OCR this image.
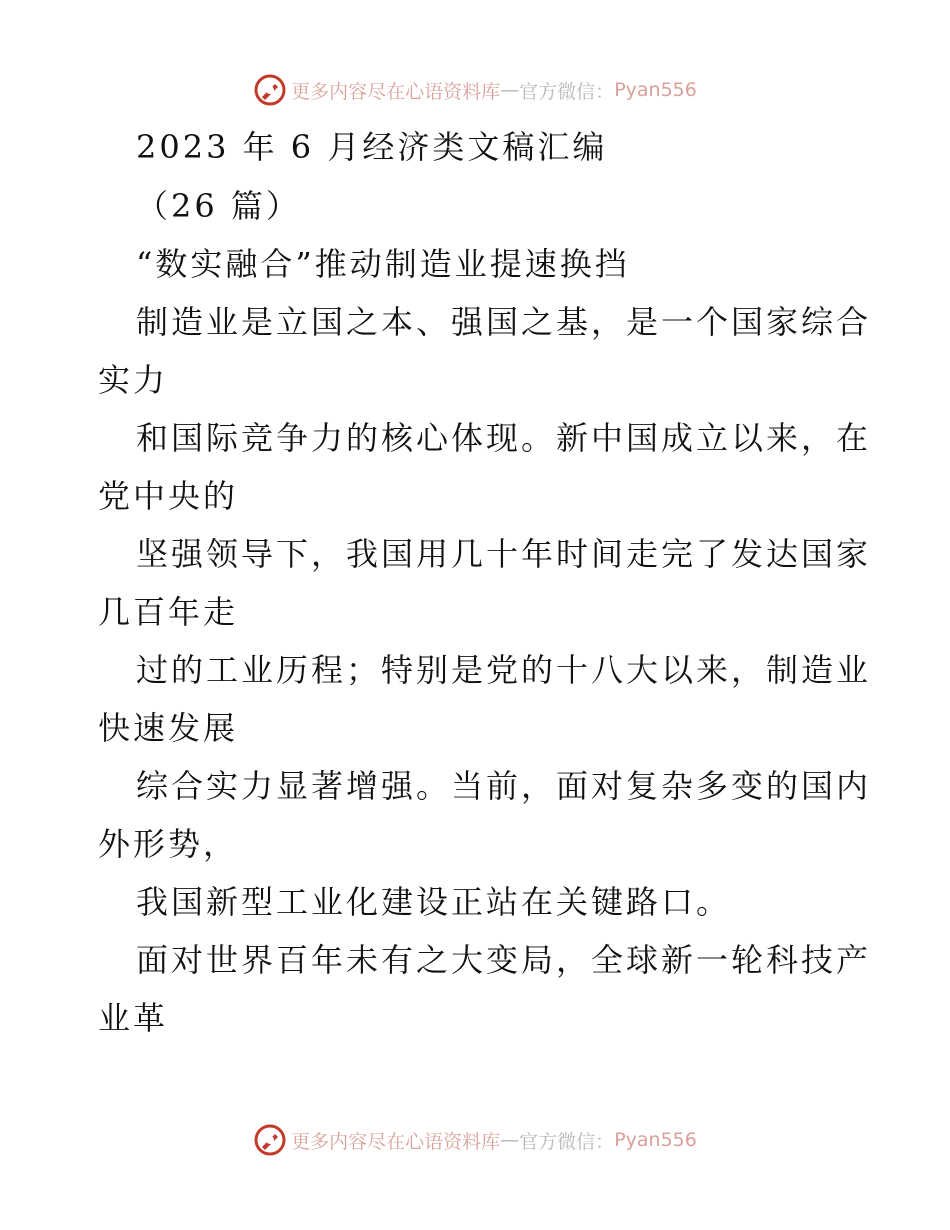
更多内容尽在心语资料库 — 官方微信： Pyan556
2023 年 6 月经济类文稿汇编
（26 篇）
“数实融合”推动制造业提速换挡
制造业是立国之本、强国之基，是一个国家综合
实力
和国际竞争力的核心体现。新中国成立以来，在
党中央的
坚强领导下，我国用几十年时间走完了发达国家
几百年走
过的工业历程；特别是党的十八大以来，制造业
快速发展
综合实力显著增强。当前，面对复杂多变的国内
外形势，
我国新型工业化建设正站在关键路口。
面对世界百年未有之大变局，全球新一轮科技产
业革
更多内容尽在心语资料库 — 官方微信： Pyan556
